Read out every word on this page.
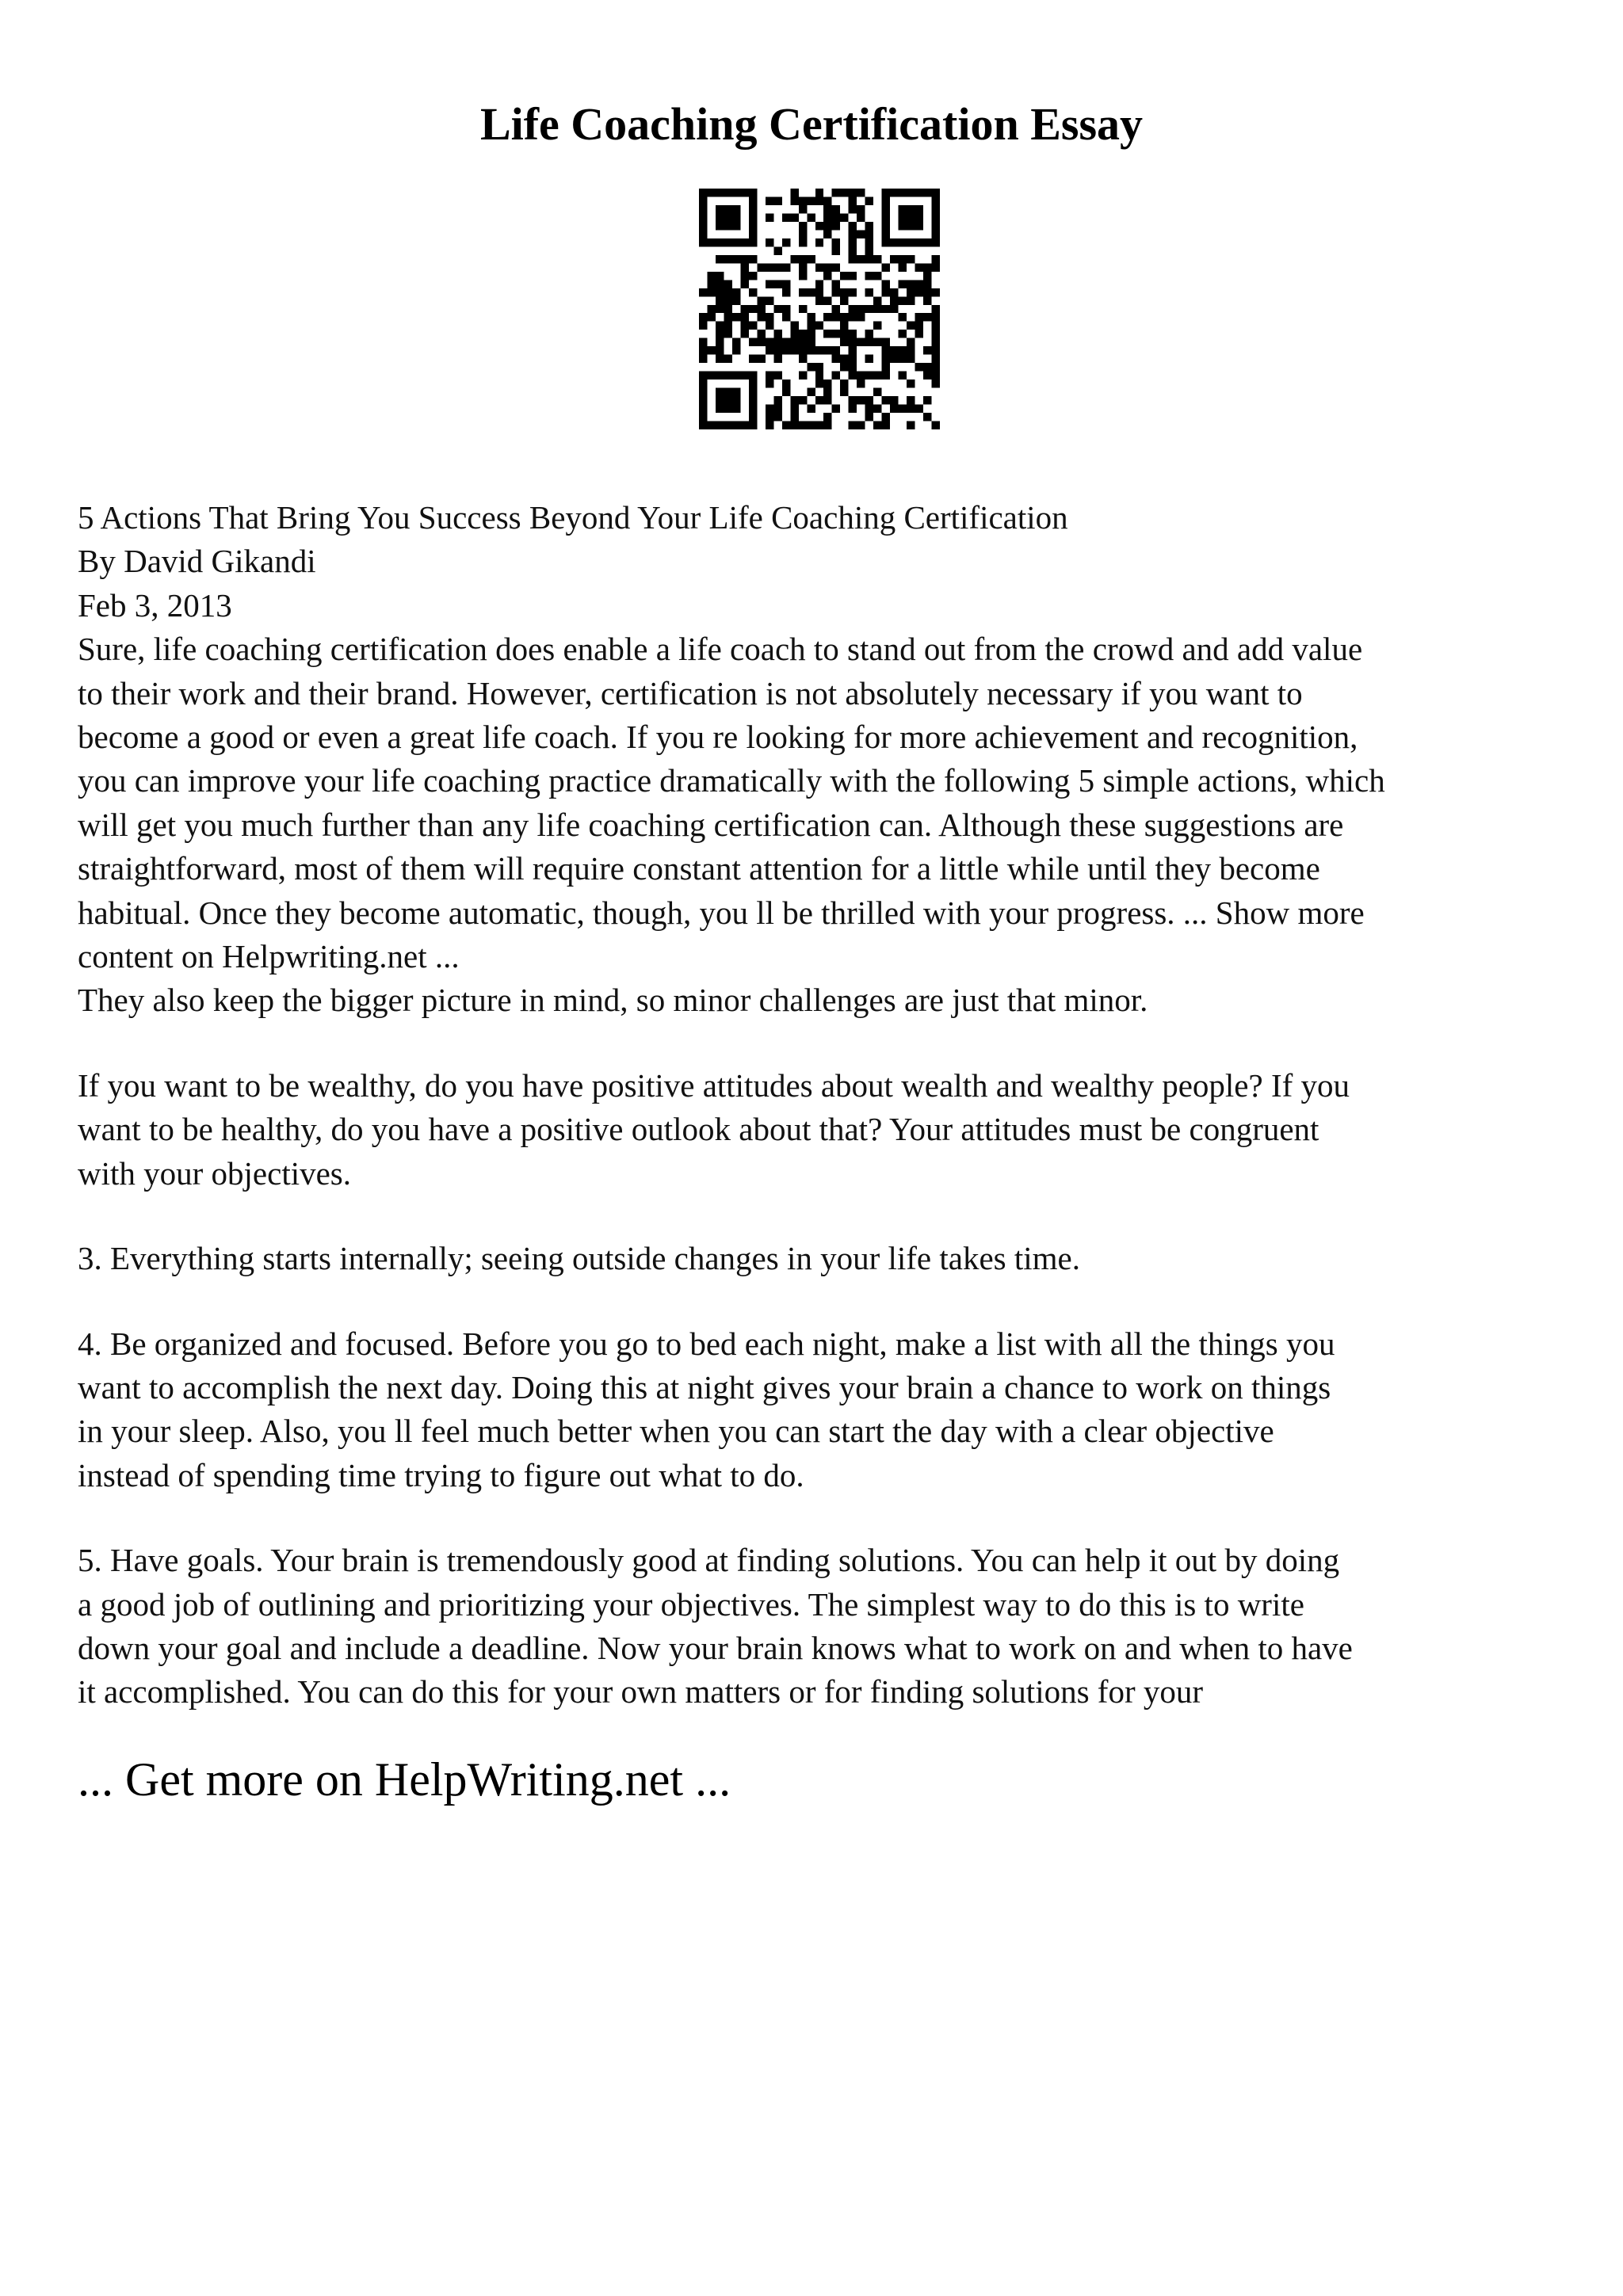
Life Coaching Certification Essay
5 Actions That Bring You Success Beyond Your Life Coaching Certification
By David Gikandi
Feb 3, 2013
Sure, life coaching certification does enable a life coach to stand out from the crowd and add value
to their work and their brand. However, certification is not absolutely necessary if you want to
become a good or even a great life coach. If you re looking for more achievement and recognition,
you can improve your life coaching practice dramatically with the following 5 simple actions, which
will get you much further than any life coaching certification can. Although these suggestions are
straightforward, most of them will require constant attention for a little while until they become
habitual. Once they become automatic, though, you ll be thrilled with your progress. ... Show more
content on Helpwriting.net ...
They also keep the bigger picture in mind, so minor challenges are just that minor.
If you want to be wealthy, do you have positive attitudes about wealth and wealthy people? If you
want to be healthy, do you have a positive outlook about that? Your attitudes must be congruent
with your objectives.
3. Everything starts internally; seeing outside changes in your life takes time.
4. Be organized and focused. Before you go to bed each night, make a list with all the things you
want to accomplish the next day. Doing this at night gives your brain a chance to work on things
in your sleep. Also, you ll feel much better when you can start the day with a clear objective
instead of spending time trying to figure out what to do.
5. Have goals. Your brain is tremendously good at finding solutions. You can help it out by doing
a good job of outlining and prioritizing your objectives. The simplest way to do this is to write
down your goal and include a deadline. Now your brain knows what to work on and when to have
it accomplished. You can do this for your own matters or for finding solutions for your
... Get more on HelpWriting.net ...
